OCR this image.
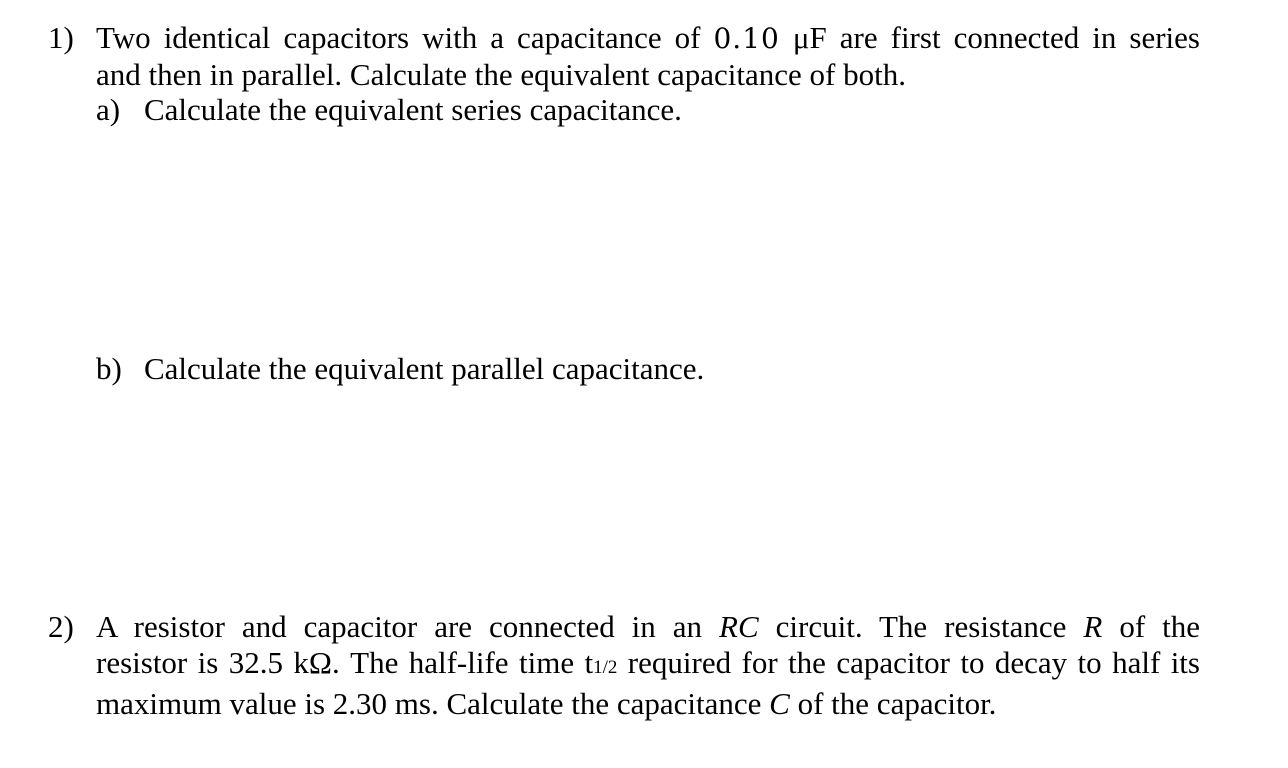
1) Two identical capacitors with a capacitance of 0.10 μF are first connected in series
and then in parallel. Calculate the equivalent capacitance of both.
a) Calculate the equivalent series capacitance.
b) Calculate the equivalent parallel capacitance.
2) A resistor and capacitor are connected in an RC circuit. The resistance R of the
resistor is 32.5 kΩ. The half-life time t1/2 required for the capacitor to decay to half its
maximum value is 2.30 ms. Calculate the capacitance C of the capacitor.
